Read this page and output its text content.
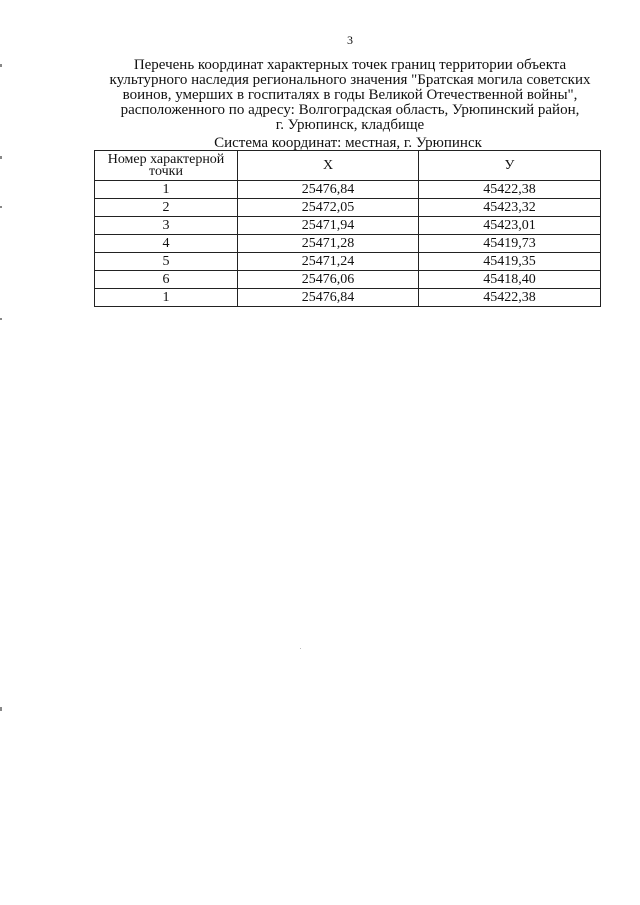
3
Перечень координат характерных точек границ территории объекта
культурного наследия регионального значения "Братская могила советских
воинов, умерших в госпиталях в годы Великой Отечественной войны",
расположенного по адресу: Волгоградская область, Урюпинский район,
г. Урюпинск, кладбище
Система координат: местная, г. Урюпинск
Номер характерной точки	X	У
1	25476,84	45422,38
2	25472,05	45423,32
3	25471,94	45423,01
4	25471,28	45419,73
5	25471,24	45419,35
6	25476,06	45418,40
1	25476,84	45422,38
